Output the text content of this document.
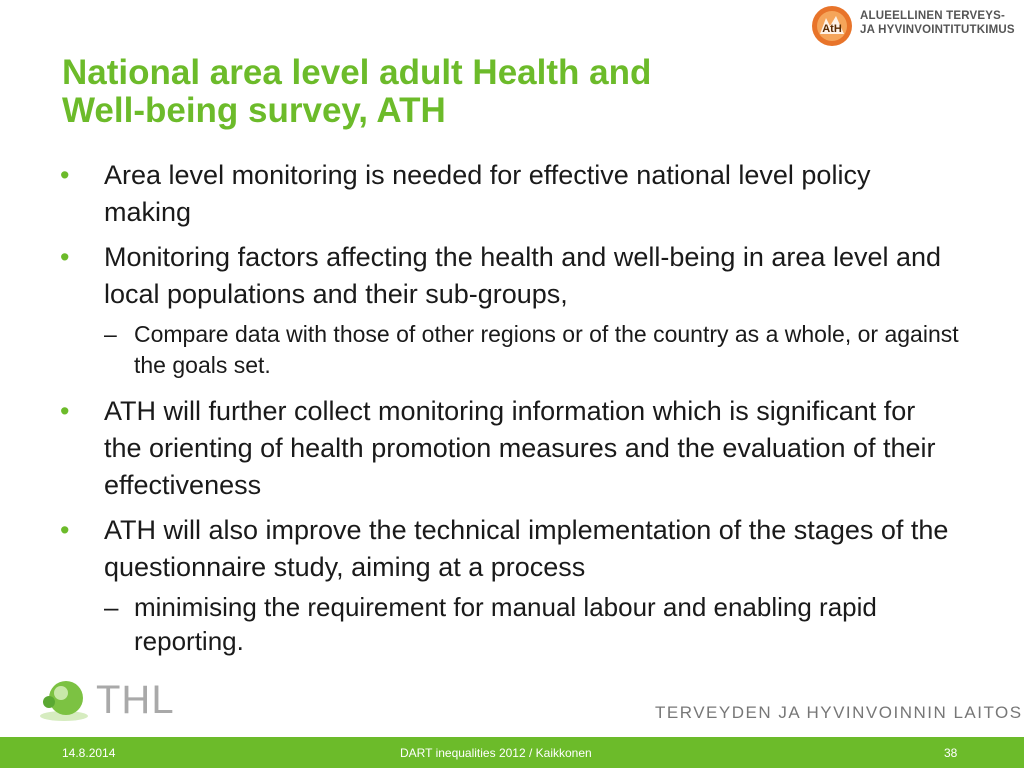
National area level adult Health and
Well-being survey, ATH
AtH
ALUEELLINEN TERVEYS-
JA HYVINVOINTITUTKIMUS
• Area level monitoring is needed for effective national level policy making
• Monitoring factors affecting the health and well-being in area level and local populations and their sub-groups,
– Compare data with those of other regions or of the country as a whole, or against the goals set.
• ATH will further collect monitoring information which is significant for the orienting of health promotion measures and the evaluation of their effectiveness
• ATH will also improve the technical implementation of the stages of the questionnaire study, aiming at a process
– minimising the requirement for manual labour and enabling rapid reporting.
THL	TERVEYDEN JA HYVINVOINNIN LAITOS
14.8.2014	DART inequalities 2012 / Kaikkonen	38
